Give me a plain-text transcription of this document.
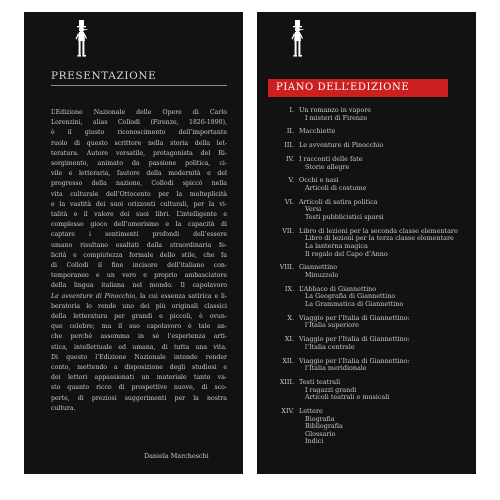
PRESENTAZIONE
L’Edizione Nazionale delle Opere di Carlo
Lorenzini, alias Collodi (Firenze, 1826-1890),
è il giusto riconoscimento dell’importante
ruolo di questo scrittore nella storia della let-
teratura. Autore versatile, protagonista del Ri-
sorgimento, animato da passione politica, ci-
vile e letteraria, fautore della modernità e del
progresso della nazione, Collodi spiccò nella
vita culturale dell’Ottocento per la molteplicità
e la vastità dei suoi orizzonti culturali, per la vi-
talità e il valore dei suoi libri. L’intelligente e
complesso gioco dell’umorismo e la capacità di
captare i sentimenti profondi dell’essere
umano risultano esaltati dalla straordinaria fe-
licità e compiutezza formale dello stile, che fa
di Collodi il fine incisore dell’italiano con-
temporaneo e un vero e proprio ambasciatore
della lingua italiana nel mondo. Il capolavoro
Le avventure di Pinocchio, la cui essenza satirica e li-
beratoria lo rende uno dei più originali classici
della letteratura per grandi e piccoli, è ovun-
que celebre; ma il suo capolavoro è tale an-
che perché assomma in sé l’esperienza arti-
stica, intellettuale ed umana, di tutta una vita.
Di questo l’Edizione Nazionale intende render
conto, mettendo a disposizione degli studiosi e
dei lettori appassionati un materiale tanto va-
sto quanto ricco di prospettive nuove, di sco-
perte, di preziosi suggerimenti per la nostra
cultura.
Daniela Marcheschi
PIANO DELL’EDIZIONE
I. Un romanzo in vapore
I misteri di Firenze
II. Macchiette
III. Le avventure di Pinocchio
IV. I racconti delle fate
Storie allegre
V. Occhi e nasi
Articoli di costume
VI. Articoli di satira politica
Versi
Testi pubblicistici sparsi
VII. Libro di lezioni per la seconda classe elementare
Libro di lezioni per la terza classe elementare
La lanterna magica
Il regalo del Capo d’Anno
VIII. Giannettino
Minuzzolo
IX. L’Abbaco di Giannettino
La Geografia di Giannettino
La Grammatica di Giannettino
X. Viaggio per l’Italia di Giannettino:
l’Italia superiore
XI. Viaggio per l’Italia di Giannettino:
l’Italia centrale
XII. Viaggio per l’Italia di Giannettino:
l’Italia meridionale
XIII. Testi teatrali
I ragazzi grandi
Articoli teatrali e musicali
XIV. Lettere
Biografia
Bibliografia
Glossario
Indici
